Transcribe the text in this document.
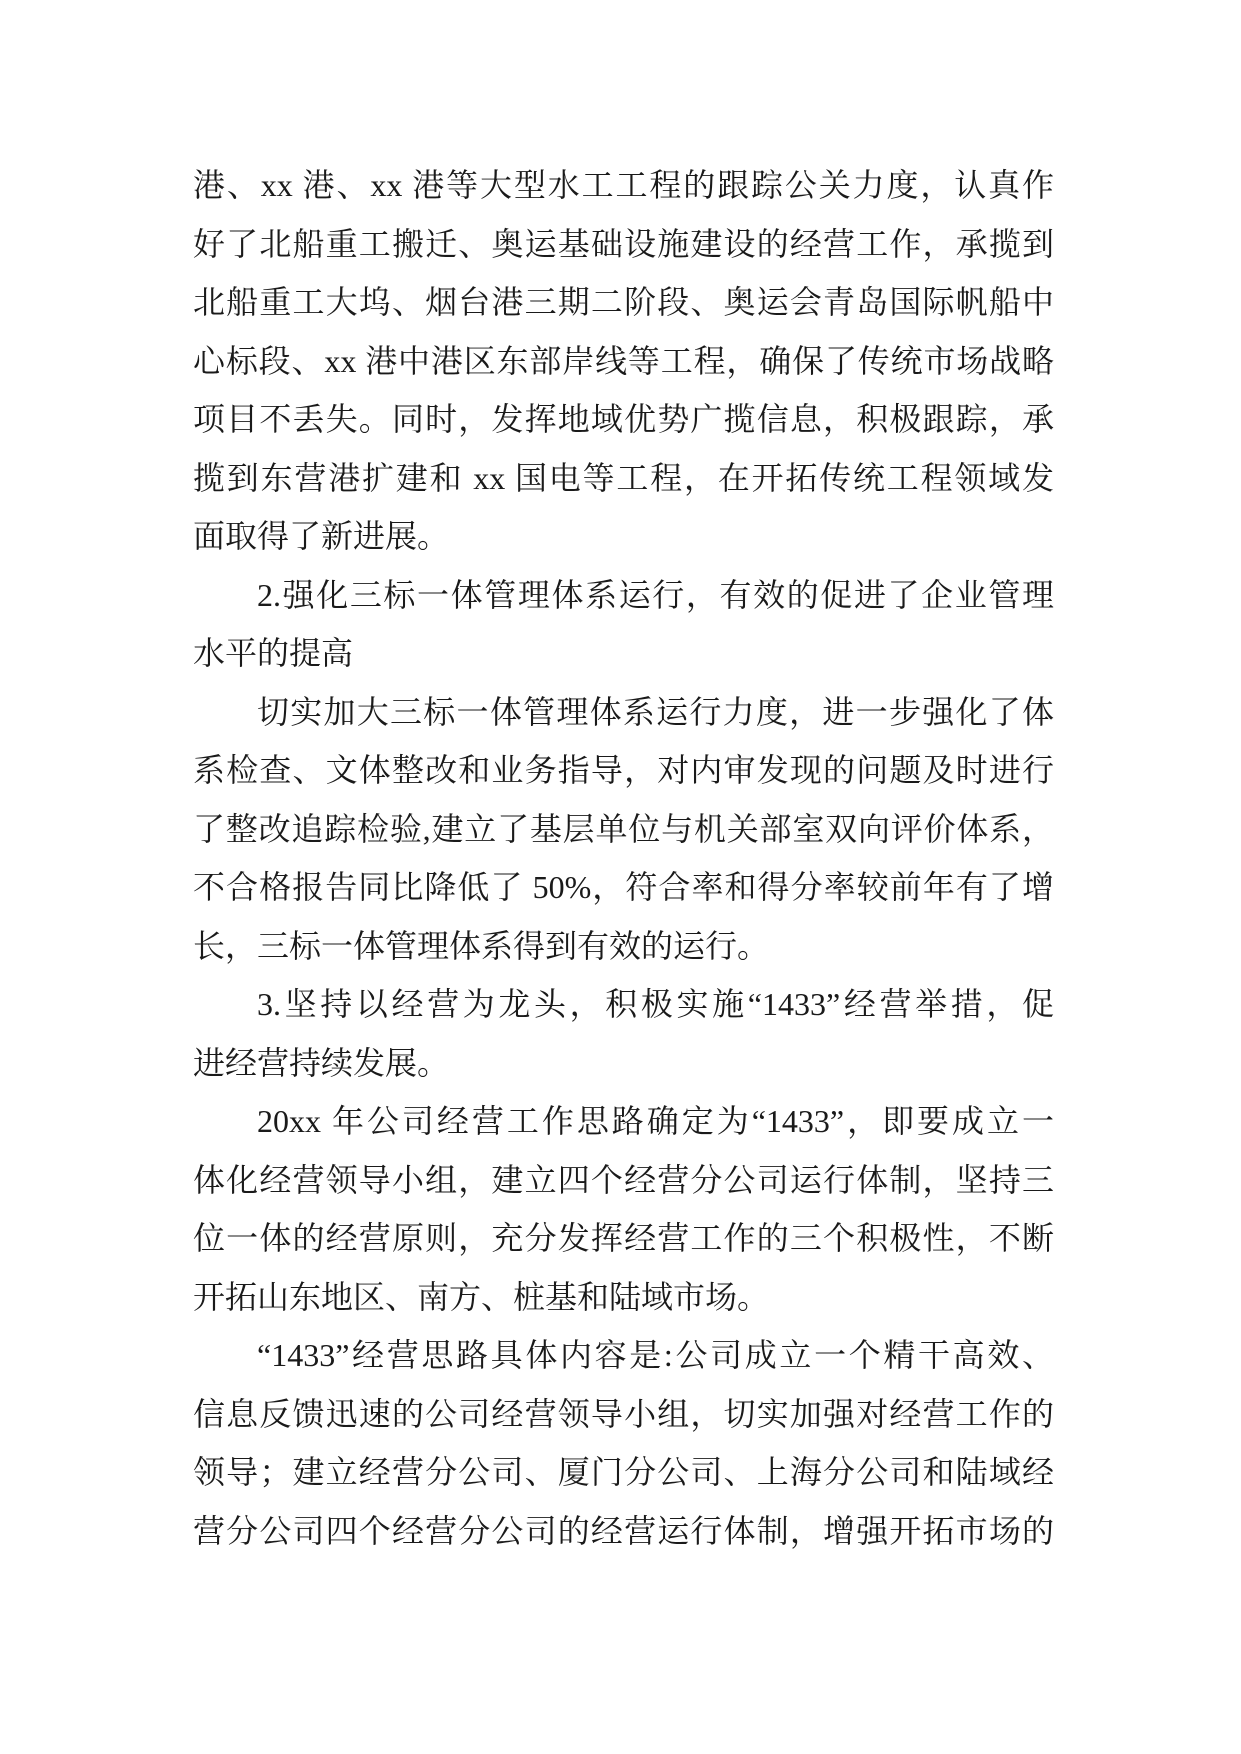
港、xx 港、xx 港等大型水工工程的跟踪公关力度，认真作
好了北船重工搬迁、奥运基础设施建设的经营工作，承揽到
北船重工大坞、烟台港三期二阶段、奥运会青岛国际帆船中
心标段、xx 港中港区东部岸线等工程，确保了传统市场战略
项目不丢失。同时，发挥地域优势广揽信息，积极跟踪，承
揽到东营港扩建和 xx 国电等工程，在开拓传统工程领域发
面取得了新进展。
2.强化三标一体管理体系运行，有效的促进了企业管理
水平的提高
切实加大三标一体管理体系运行力度，进一步强化了体
系检查、文体整改和业务指导，对内审发现的问题及时进行
了整改追踪检验,建立了基层单位与机关部室双向评价体系，
不合格报告同比降低了 50%，符合率和得分率较前年有了增
长，三标一体管理体系得到有效的运行。
3.坚持以经营为龙头，积极实施“1433”经营举措，促
进经营持续发展。
20xx 年公司经营工作思路确定为“1433”，即要成立一
体化经营领导小组，建立四个经营分公司运行体制，坚持三
位一体的经营原则，充分发挥经营工作的三个积极性，不断
开拓山东地区、南方、桩基和陆域市场。
“1433”经营思路具体内容是:公司成立一个精干高效、
信息反馈迅速的公司经营领导小组，切实加强对经营工作的
领导；建立经营分公司、厦门分公司、上海分公司和陆域经
营分公司四个经营分公司的经营运行体制，增强开拓市场的
